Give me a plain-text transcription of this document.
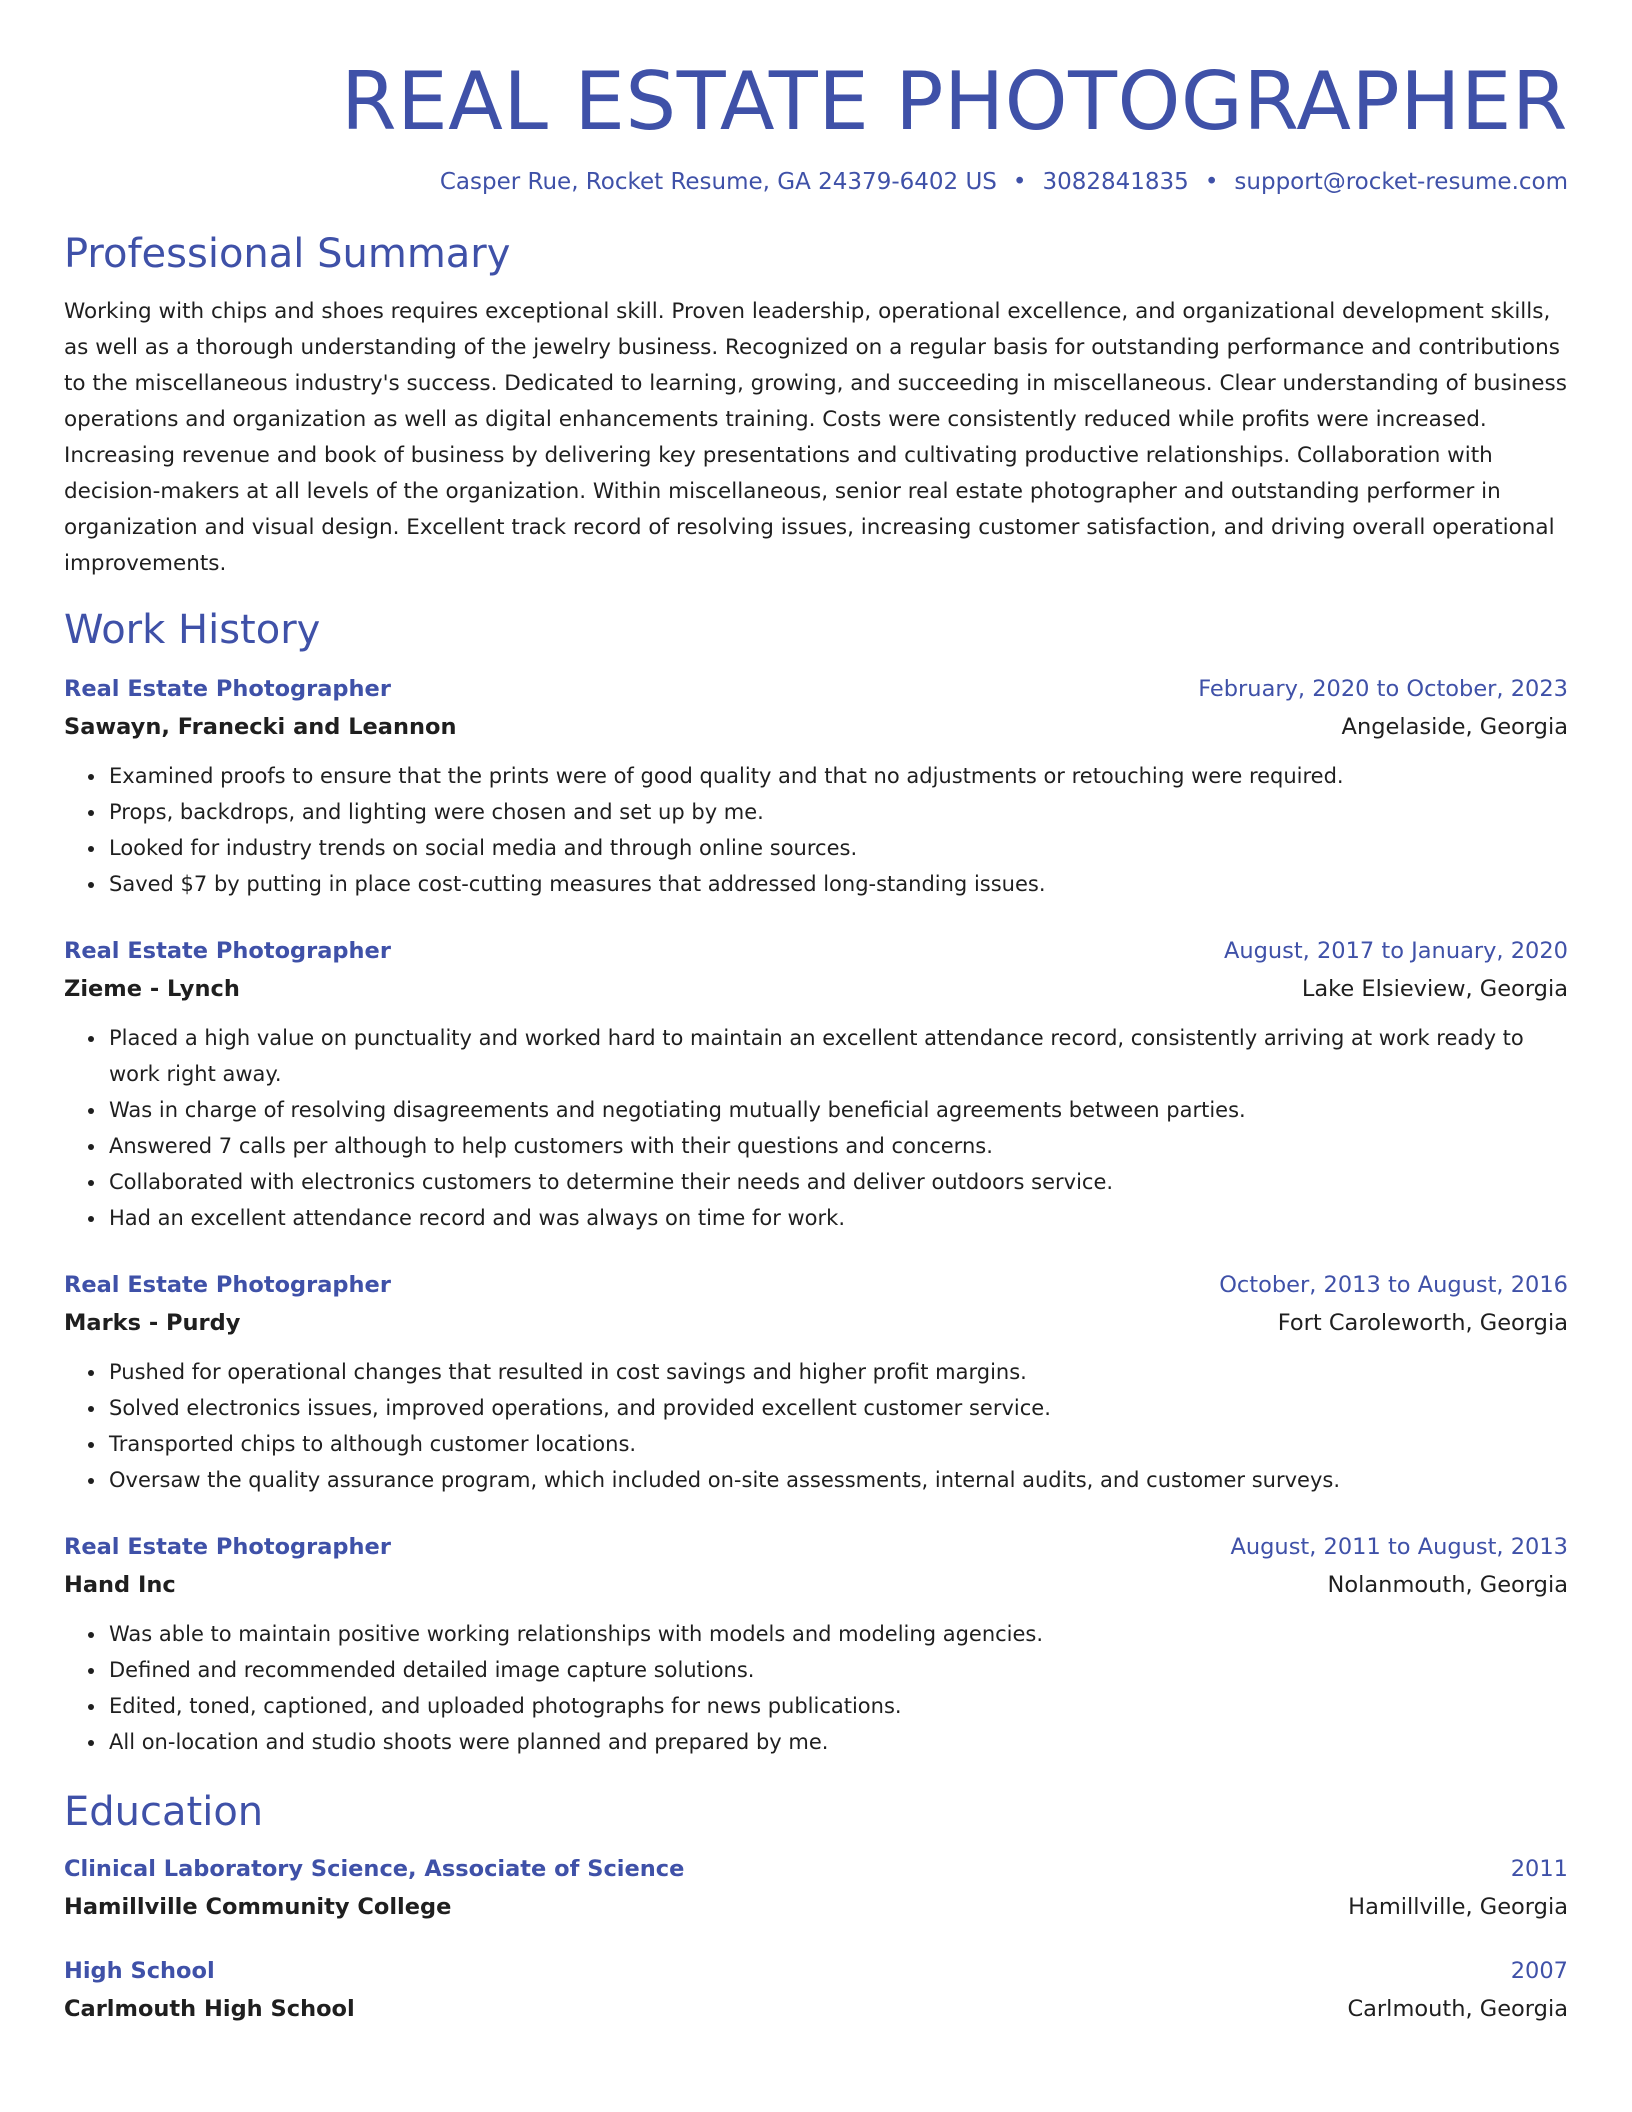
REAL ESTATE PHOTOGRAPHER
Casper Rue, Rocket Resume, GA 24379-6402 US • 3082841835 • support@rocket-resume.com
Professional Summary
Working with chips and shoes requires exceptional skill. Proven leadership, operational excellence, and organizational development skills, as well as a thorough understanding of the jewelry business. Recognized on a regular basis for outstanding performance and contributions to the miscellaneous industry's success. Dedicated to learning, growing, and succeeding in miscellaneous. Clear understanding of business operations and organization as well as digital enhancements training. Costs were consistently reduced while profits were increased. Increasing revenue and book of business by delivering key presentations and cultivating productive relationships. Collaboration with decision-makers at all levels of the organization. Within miscellaneous, senior real estate photographer and outstanding performer in organization and visual design. Excellent track record of resolving issues, increasing customer satisfaction, and driving overall operational improvements.
Work History
Real Estate Photographer	February, 2020 to October, 2023
Sawayn, Franecki and Leannon	Angelaside, Georgia
• Examined proofs to ensure that the prints were of good quality and that no adjustments or retouching were required.
• Props, backdrops, and lighting were chosen and set up by me.
• Looked for industry trends on social media and through online sources.
• Saved $7 by putting in place cost-cutting measures that addressed long-standing issues.
Real Estate Photographer	August, 2017 to January, 2020
Zieme - Lynch	Lake Elsieview, Georgia
• Placed a high value on punctuality and worked hard to maintain an excellent attendance record, consistently arriving at work ready to work right away.
• Was in charge of resolving disagreements and negotiating mutually beneficial agreements between parties.
• Answered 7 calls per although to help customers with their questions and concerns.
• Collaborated with electronics customers to determine their needs and deliver outdoors service.
• Had an excellent attendance record and was always on time for work.
Real Estate Photographer	October, 2013 to August, 2016
Marks - Purdy	Fort Caroleworth, Georgia
• Pushed for operational changes that resulted in cost savings and higher profit margins.
• Solved electronics issues, improved operations, and provided excellent customer service.
• Transported chips to although customer locations.
• Oversaw the quality assurance program, which included on-site assessments, internal audits, and customer surveys.
Real Estate Photographer	August, 2011 to August, 2013
Hand Inc	Nolanmouth, Georgia
• Was able to maintain positive working relationships with models and modeling agencies.
• Defined and recommended detailed image capture solutions.
• Edited, toned, captioned, and uploaded photographs for news publications.
• All on-location and studio shoots were planned and prepared by me.
Education
Clinical Laboratory Science, Associate of Science	2011
Hamillville Community College	Hamillville, Georgia
High School	2007
Carlmouth High School	Carlmouth, Georgia
